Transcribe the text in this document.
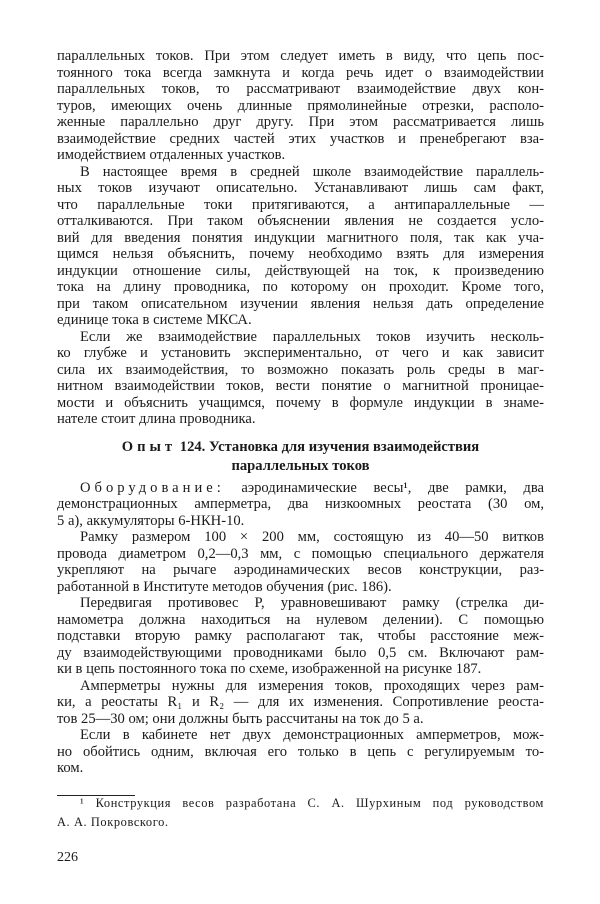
параллельных токов. При этом следует иметь в виду, что цепь пос-
тоянного тока всегда замкнута и когда речь идет о взаимодействии
параллельных токов, то рассматривают взаимодействие двух кон-
туров, имеющих очень длинные прямолинейные отрезки, располо-
женные параллельно друг другу. При этом рассматривается лишь
взаимодействие средних частей этих участков и пренебрегают вза-
имодействием отдаленных участков.
В настоящее время в средней школе взаимодействие параллель-
ных токов изучают описательно. Устанавливают лишь сам факт,
что параллельные токи притягиваются, а антипараллельные —
отталкиваются. При таком объяснении явления не создается усло-
вий для введения понятия индукции магнитного поля, так как уча-
щимся нельзя объяснить, почему необходимо взять для измерения
индукции отношение силы, действующей на ток, к произведению
тока на длину проводника, по которому он проходит. Кроме того,
при таком описательном изучении явления нельзя дать определение
единице тока в системе МКСА.
Если же взаимодействие параллельных токов изучить несколь-
ко глубже и установить экспериментально, от чего и как зависит
сила их взаимодействия, то возможно показать роль среды в маг-
нитном взаимодействии токов, вести понятие о магнитной проницае-
мости и объяснить учащимся, почему в формуле индукции в знаме-
нателе стоит длина проводника.
Опыт 124. Установка для изучения взаимодействия
параллельных токов
Оборудование: аэродинамические весы¹, две рамки, два
демонстрационных амперметра, два низкоомных реостата (30 ом,
5 а), аккумуляторы 6-НКН-10.
Рамку размером 100 × 200 мм, состоящую из 40—50 витков
провода диаметром 0,2—0,3 мм, с помощью специального держателя
укрепляют на рычаге аэродинамических весов конструкции, раз-
работанной в Институте методов обучения (рис. 186).
Передвигая противовес P, уравновешивают рамку (стрелка ди-
намометра должна находиться на нулевом делении). С помощью
подставки вторую рамку располагают так, чтобы расстояние меж-
ду взаимодействующими проводниками было 0,5 см. Включают рам-
ки в цепь постоянного тока по схеме, изображенной на рисунке 187.
Амперметры нужны для измерения токов, проходящих через рам-
ки, а реостаты R₁ и R₂ — для их изменения. Сопротивление реоста-
тов 25—30 ом; они должны быть рассчитаны на ток до 5 а.
Если в кабинете нет двух демонстрационных амперметров, мож-
но обойтись одним, включая его только в цепь с регулируемым то-
ком.
¹ Конструкция весов разработана С. А. Шурхиным под руководством
А. А. Покровского.
226
